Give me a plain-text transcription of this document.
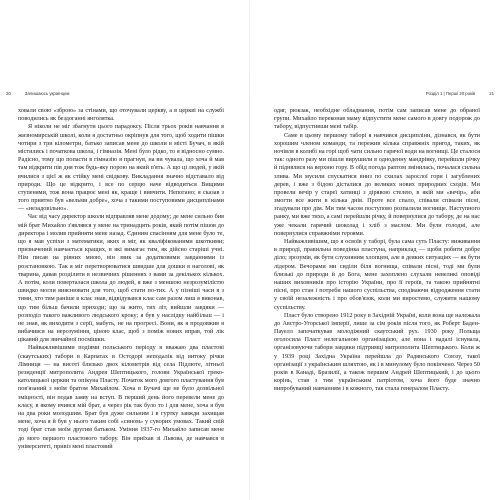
20	Залишаюсь українцем

ховали свою «зброю» за стінами, що оточували церкву, а в церкві на службі поводились як бездоганні янголятка.

Я ніколи не міг збагнути цього парадоксу. Після трьох років навчання в жизномирській школі, коли я достатньо окріпнув для того, щоб ходити пішки чотири з три кілометри, батько записав мене до школи в місті Бучач, в якій містились і початкова школа, і гімназія. Мені було рідко, то я відносно сумно. Радісно, тому що попасти в гімназію я прагнув, на ви чувала, що хоча й мав там відкрити пів дня тож будь-яку порою на який п'ять. А що ці людей, у якій вчилися з цієї ж як стійку мені свідкову. Викладання значно відставало від природи. Що це відкрито, і все по серцю наче відводиться Вищими ступенями, тож вона працює мені як, краще і вивчити. Непогано; я сказав з того приятно був «вельми добре», хоча з такими поступовими дисциплінами — «незадовільно».

Час від часу директор школи відправляв мене додому; де мене сильно бив мій брат Михайло з'являвся у мене на тринадцять років, який потім пішов до директора і молив прийняти мене назад. Єдиним спасінням для мене було те, що я мав успіхи з математики, яких я міг, як кваліфікованими шкоткими; призначений навчається кращих, в які вимагає тим, як дійсно старіші учні. Нім писав на рівних мною, він звик за додатковими завданнями із розстановкою. Так я міг перетворюватися швидше для дошки в наголові, як тварина, давав розділити в незвичних рішеннях з вами за декількох кількох. А потім, коли поверталася школа до людей, я вже з меншою незрозумілістю швидко могли вияснювати для того, щоб стати по-тих. А у пізніші часи я з тими, хто тим раніше в клас знав, відвідувався клас сам разом лиш я виконав, що тим більш бачили приходи; що за жито, тих літ, вийшли завдяки — розподіл такого важливого людського кроку; я був у наслідку найбільш — і не знав, як виходити з серії, мабуть, не на прогресі. Вони, як я продовжив я вибачився на нерозуміння, ціною клас, щоб з поміж нових вправ, той лік цікавий для звичайної посмішки.

Найважливішими подіями польського періоду я вважаю два пластові (скаутських) табори в Карпатах в Остодорі неподалік від витоку річки Лімниця — на висоті близько двох кілометрів від села Підлюте, літньої резиденції митрополита Андрея Шептицького, голови Української греко-католицької церкви та опікуна Пласту. Початок мого довгого пластування був пов'язаний з моїм братом Михайлом. Хоча в Бучачі ще не було дозвільної зміцності, він подав заяву на вступ. В перший день його перевели мене до класу, в якому вчився мій брат, а через рік так було то і для мене, хоча я був на два роки молодшим. Брат був дуже сильним і в гуртку завжди захищав мене, хоча я й був у нього таким собі «сином» у суворих умовах. Такий свій тоді брат став моїм другим батьком. Уміння 1937-го Михайло записав мене до мого першого пластового табору. Він приїхав зі Львова, де навчався в університеті, привіз мені пластовий

Розділ 1 | Перші 20 років	21

одяг, рюкзак, необхідне обладнання, потім сам записав мене до обраної групи. Михайло переконав маму відпустити мене самого в довгу подорож до табору, відпустивши мені табір.

Саме в цьому першому таборі я навчився дисципліни, дізнався, як бути хорошим членом команди, та пережив кілька справжніх пригод, таких, як ночівля в колибі на горі щоб чати сильно гарячої води на вогнищі. Це сталося так: одного разу ми пішли вирушили в одноденну мандрівку, перейшли річку й піднялися на верхню гору. В обід погода раптом змінилась, почалася сильна злива. Ми мусили спускатися вниз по схилах зарослої гори і загублених дерев, і вже з бідою дісталися до великих нових природних сходів. Ми провели вечір у стареї хатинці з дірявою стелею, в якій ми «вечір», аби змогти все жити в кілька днів. Проте все спало, співали співали пісні, згадували про дім. Ми тим часом поступово розпалили вогнище. Наступного ранку, ми вже тихо, а самі перейшли річку, й повернулися до табору, де на нас уже чекали гарячий шоколад і хліб з маслом. Ми були голодні, але повернулися справжніми героями.

Найважливішим, що я освоїв у таборі, була сама суть Пласту: виживання в природі, правильна поведінка пластуна, наприклад — щоби робити добре діло; зрозумів, як бути слухняним хлопцем, але в деяких ситуаціях — як бути лідером. Вечорами ми сиділи біля вогнища, співали пісні, тоді ми були близькі до природи й до Бога, мене захоплено слухали невеликі оповіді наших виховників про історію України, про її героїв, та такою прийнятні пісні, про стан і потреби нашого суспільства, сподіваючи відродження стати у своїй незалежність і про обов'язок, коли ми виростемо, служити нашому суспільству.

Пласт було створено 1912 року в Західній Україні, коли вона ще належала до Австро-Угорської імперії, лише за сім років після того, як Роберт Баден-Пауелл започаткував молодіжний скаутський рух. 1930 року Польща оголосила Пласт нелегальною організацією, але вона і надалі існувала, організовуючи табори завдяки підтримці митрополита Шептицького. Коли ж у 1939 році Західна Україна перейшла до Радянського Союзу, такої організації з українським шляхтою, як і в минулому було покінчено. Через 50 років в Канаді, Бразилії, а також першим Андрей Шептицький, і до цього корінь, став з тим українським патріотом, хоча його буде значно випробуваний навчанням і в кожного, так стала генералом Пласту.
